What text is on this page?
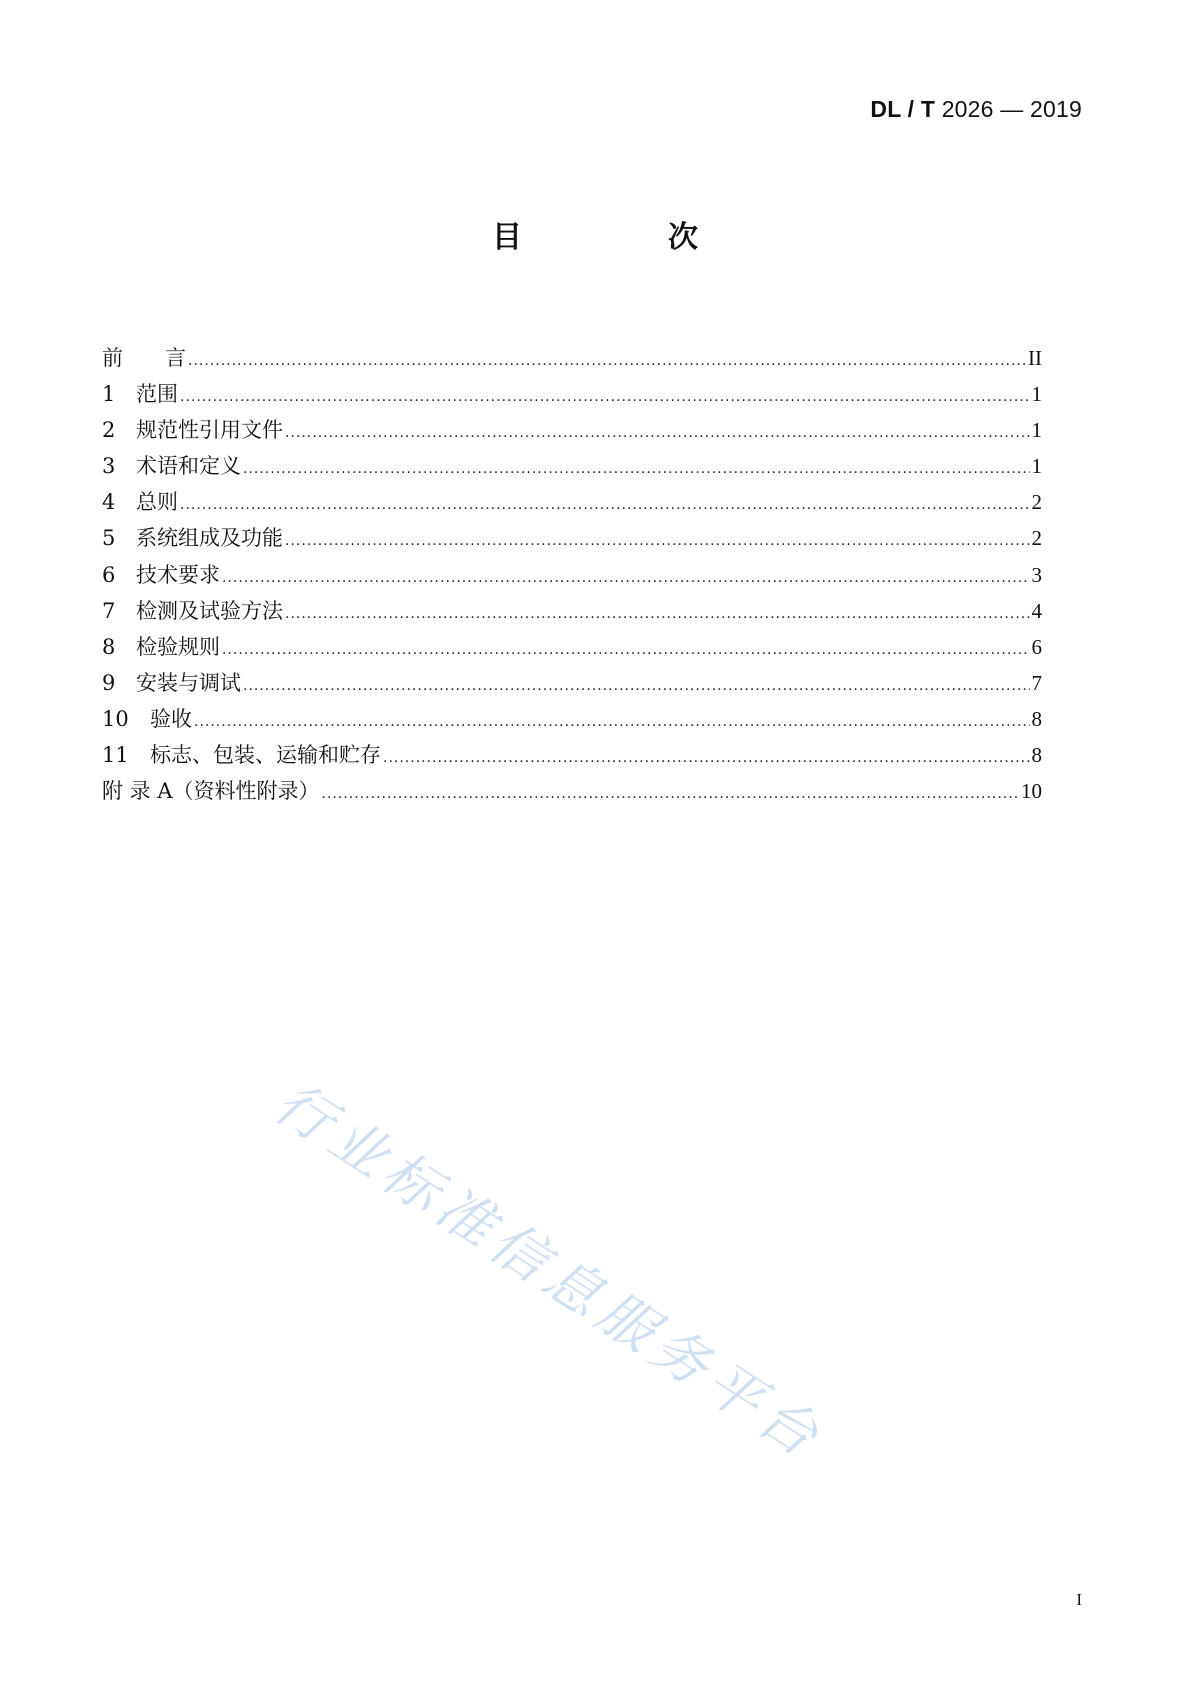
DL / T 2026 — 2019
目　次
前　　言 .....	II
1 范围 .....	1
2 规范性引用文件 .....	1
3 术语和定义 .....	1
4 总则 .....	2
5 系统组成及功能 .....	2
6 技术要求 .....	3
7 检测及试验方法 .....	4
8 检验规则 .....	6
9 安装与调试 .....	7
10	验收 .....	8
11	标志、包装、运输和贮存 .....	8
附 录 A（资料性附录） .....	10
行业标准信息服务平台
I
